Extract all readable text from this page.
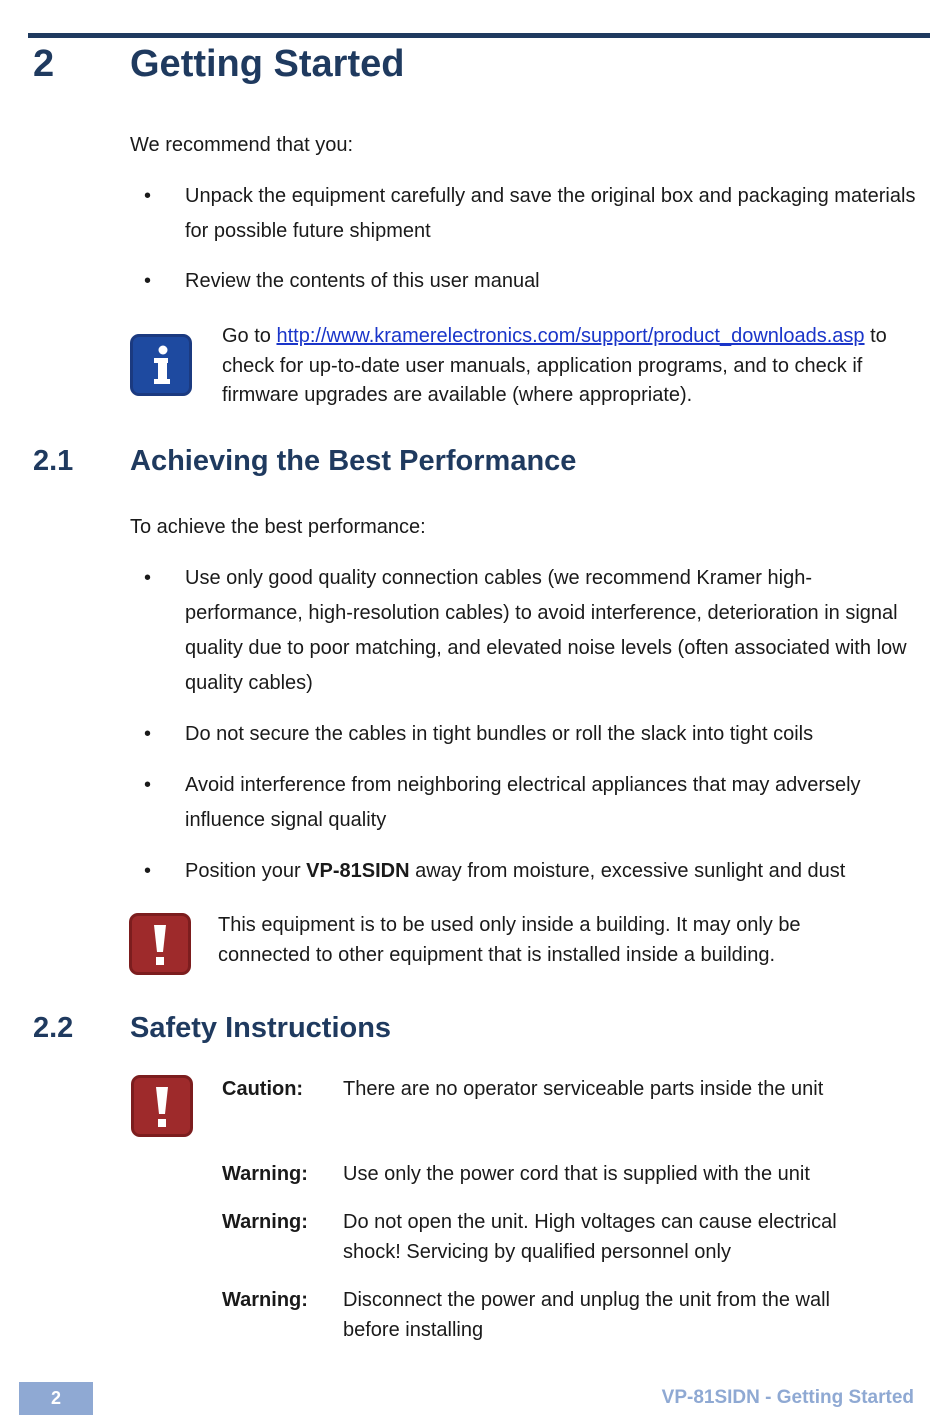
2 Getting Started
We recommend that you:
• Unpack the equipment carefully and save the original box and packaging materials for possible future shipment
• Review the contents of this user manual
Go to http://www.kramerelectronics.com/support/product_downloads.asp to check for up-to-date user manuals, application programs, and to check if firmware upgrades are available (where appropriate).
2.1 Achieving the Best Performance
To achieve the best performance:
• Use only good quality connection cables (we recommend Kramer high-performance, high-resolution cables) to avoid interference, deterioration in signal quality due to poor matching, and elevated noise levels (often associated with low quality cables)
• Do not secure the cables in tight bundles or roll the slack into tight coils
• Avoid interference from neighboring electrical appliances that may adversely influence signal quality
• Position your VP-81SIDN away from moisture, excessive sunlight and dust
This equipment is to be used only inside a building. It may only be connected to other equipment that is installed inside a building.
2.2 Safety Instructions
Caution: There are no operator serviceable parts inside the unit
Warning: Use only the power cord that is supplied with the unit
Warning: Do not open the unit. High voltages can cause electrical shock! Servicing by qualified personnel only
Warning: Disconnect the power and unplug the unit from the wall before installing
2	VP-81SIDN - Getting Started
